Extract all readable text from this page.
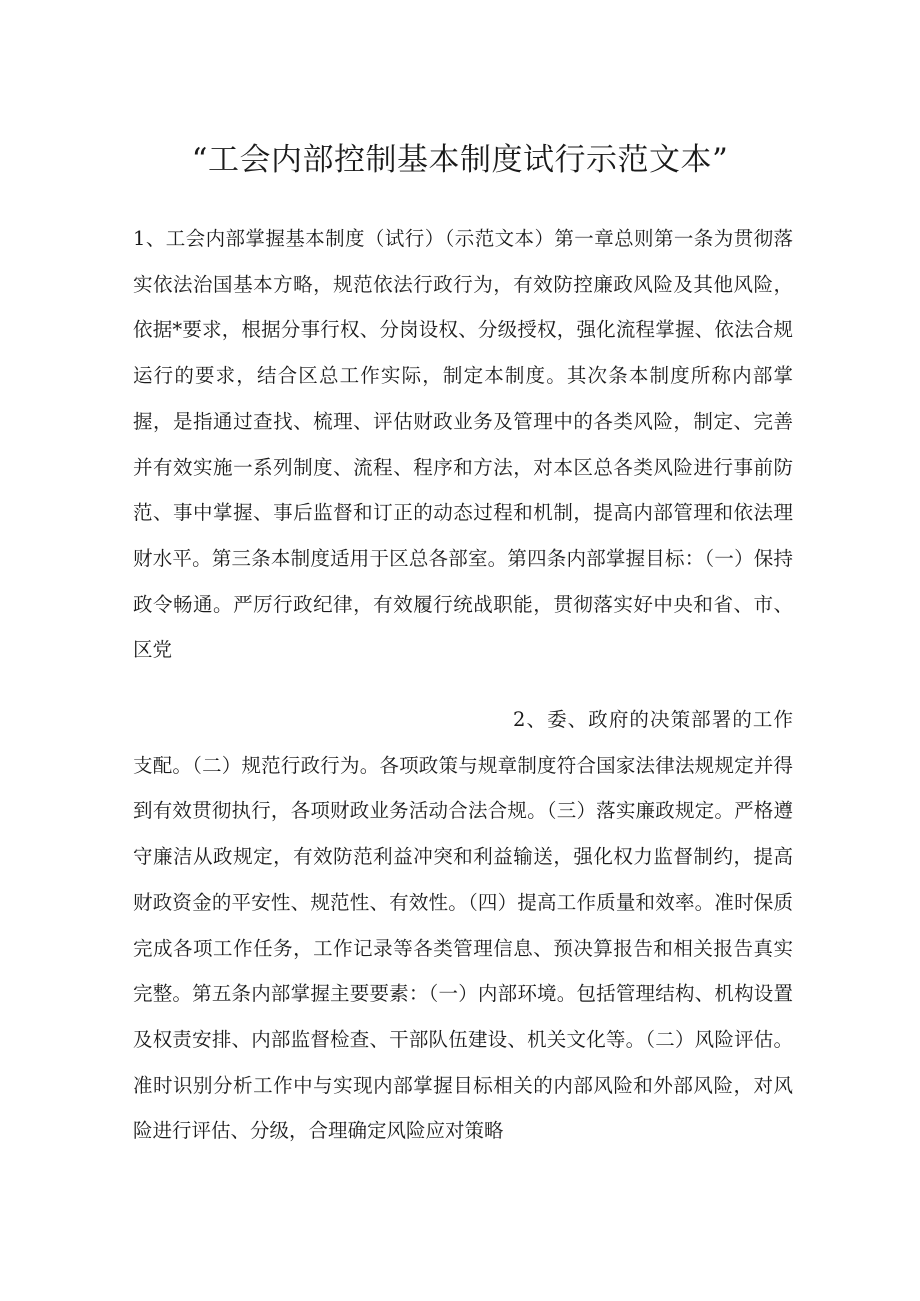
“工会内部控制基本制度试行示范文本”
1、工会内部掌握基本制度（试行）（示范文本）第一章总则第一条为贯彻落实依法治国基本方略，规范依法行政行为，有效防控廉政风险及其他风险，依据*要求，根据分事行权、分岗设权、分级授权，强化流程掌握、依法合规运行的要求，结合区总工作实际，制定本制度。其次条本制度所称内部掌握，是指通过查找、梳理、评估财政业务及管理中的各类风险，制定、完善并有效实施一系列制度、流程、程序和方法，对本区总各类风险进行事前防范、事中掌握、事后监督和订正的动态过程和机制，提高内部管理和依法理财水平。第三条本制度适用于区总各部室。第四条内部掌握目标：（一）保持政令畅通。严厉行政纪律，有效履行统战职能，贯彻落实好中央和省、市、区党
2、委、政府的决策部署的工作支配。（二）规范行政行为。各项政策与规章制度符合国家法律法规规定并得到有效贯彻执行，各项财政业务活动合法合规。（三）落实廉政规定。严格遵守廉洁从政规定，有效防范利益冲突和利益输送，强化权力监督制约，提高财政资金的平安性、规范性、有效性。（四）提高工作质量和效率。准时保质完成各项工作任务，工作记录等各类管理信息、预决算报告和相关报告真实完整。第五条内部掌握主要要素：（一）内部环境。包括管理结构、机构设置及权责安排、内部监督检查、干部队伍建设、机关文化等。（二）风险评估。准时识别分析工作中与实现内部掌握目标相关的内部风险和外部风险，对风险进行评估、分级，合理确定风险应对策略
